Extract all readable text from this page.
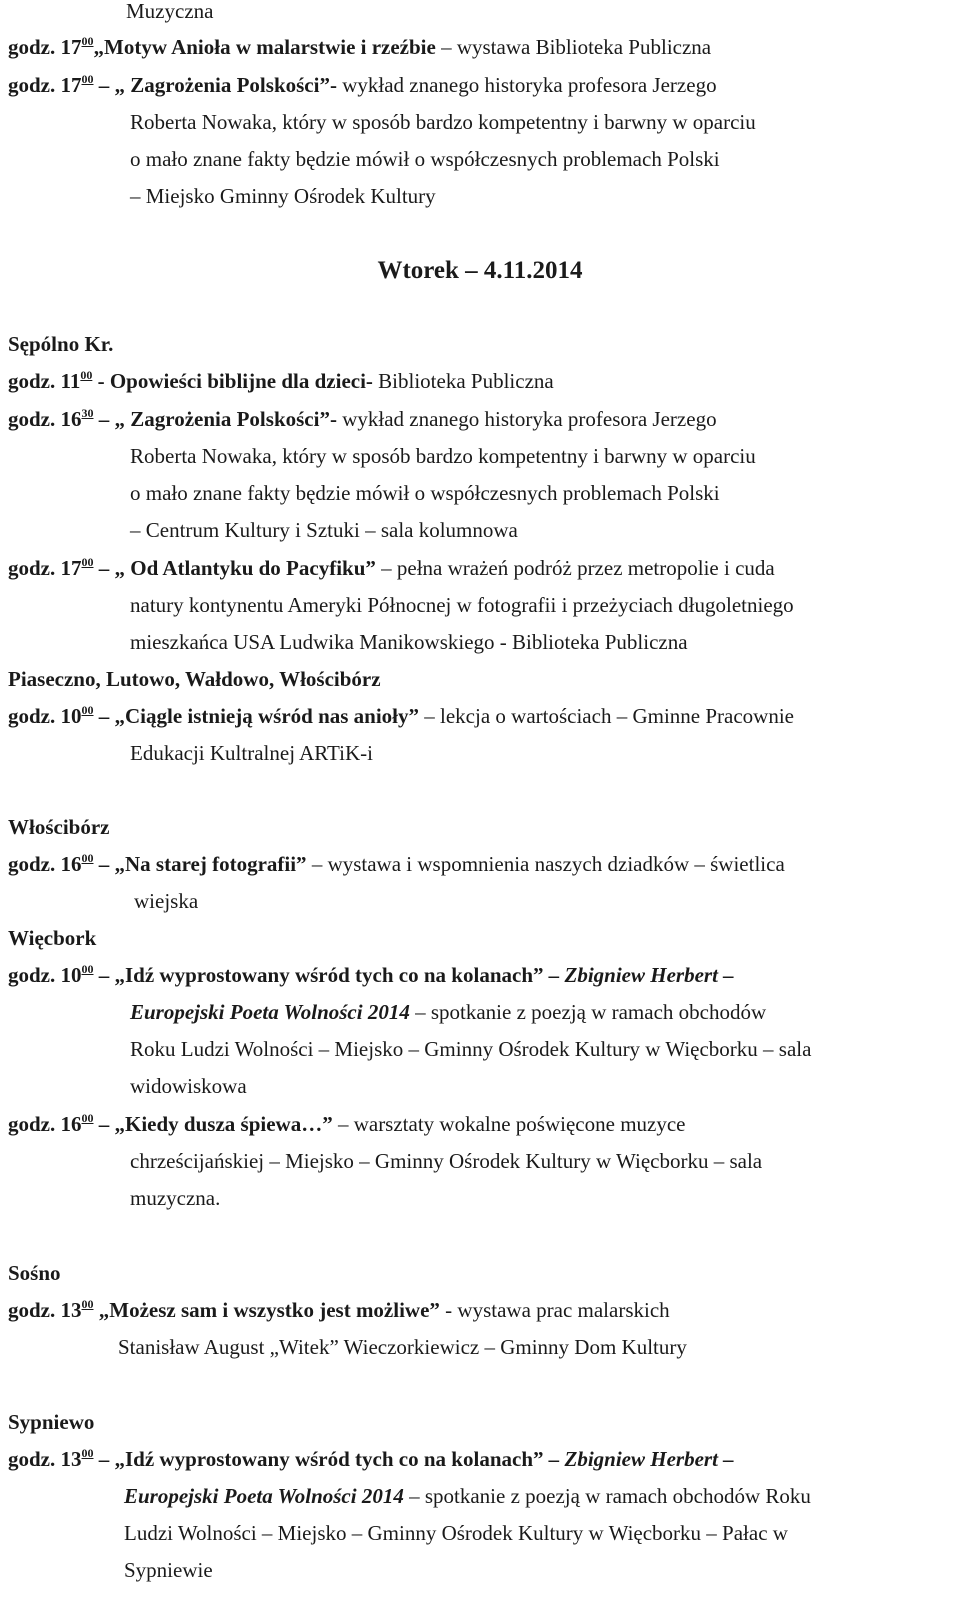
Muzyczna
godz. $17^{00}„Motyw$ Anioła w malarstwie i rzeźbie – wystawa Biblioteka Publiczna
godz. $17^{00}$ – „ Zagrożenia Polskości”- wykład znanego historyka profesora Jerzego
Roberta Nowaka, który w sposób bardzo kompetentny i barwny w oparciu
o mało znane fakty będzie mówił o współczesnych problemach Polski
– Miejsko Gminny Ośrodek Kultury
Wtorek – 4.11.2014
Sępólno Kr.
godz. $11^{00}$ - Opowieści biblijne dla dzieci- Biblioteka Publiczna
godz. $16^{30}$ – „ Zagrożenia Polskości”- wykład znanego historyka profesora Jerzego
Roberta Nowaka, który w sposób bardzo kompetentny i barwny w oparciu
o mało znane fakty będzie mówił o współczesnych problemach Polski
– Centrum Kultury i Sztuki – sala kolumnowa
godz. $17^{00}$ – „ Od Atlantyku do Pacyfiku” – pełna wrażeń podróż przez metropolie i cuda
natury kontynentu Ameryki Północnej w fotografii i przeżyciach długoletniego
mieszkańca USA Ludwika Manikowskiego - Biblioteka Publiczna
Piaseczno, Lutowo, Wałdowo, Włościbórz
godz. $10^{00}$ – „Ciągle istnieją wśród nas anioły” – lekcja o wartościach – Gminne Pracownie
Edukacji Kultralnej ARTiK-i
Włościbórz
godz. $16^{00}$ – „Na starej fotografii” – wystawa i wspomnienia naszych dziadków – świetlica
wiejska
Więcbork
godz. $10^{00}$ – „Idź wyprostowany wśród tych co na kolanach” – Zbigniew Herbert –
Europejski Poeta Wolności 2014 – spotkanie z poezją w ramach obchodów
Roku Ludzi Wolności – Miejsko – Gminny Ośrodek Kultury w Więcborku – sala
widowiskowa
godz. $16^{00}$ – „Kiedy dusza śpiewa…” – warsztaty wokalne poświęcone muzyce
chrześcijańskiej – Miejsko – Gminny Ośrodek Kultury w Więcborku – sala
muzyczna.
Sośno
godz. $13^{00}$ „Możesz sam i wszystko jest możliwe” - wystawa prac malarskich
Stanisław August „Witek” Wieczorkiewicz – Gminny Dom Kultury
Sypniewo
godz. $13^{00}$ – „Idź wyprostowany wśród tych co na kolanach” – Zbigniew Herbert –
Europejski Poeta Wolności 2014 – spotkanie z poezją w ramach obchodów Roku
Ludzi Wolności – Miejsko – Gminny Ośrodek Kultury w Więcborku – Pałac w
Sypniewie
